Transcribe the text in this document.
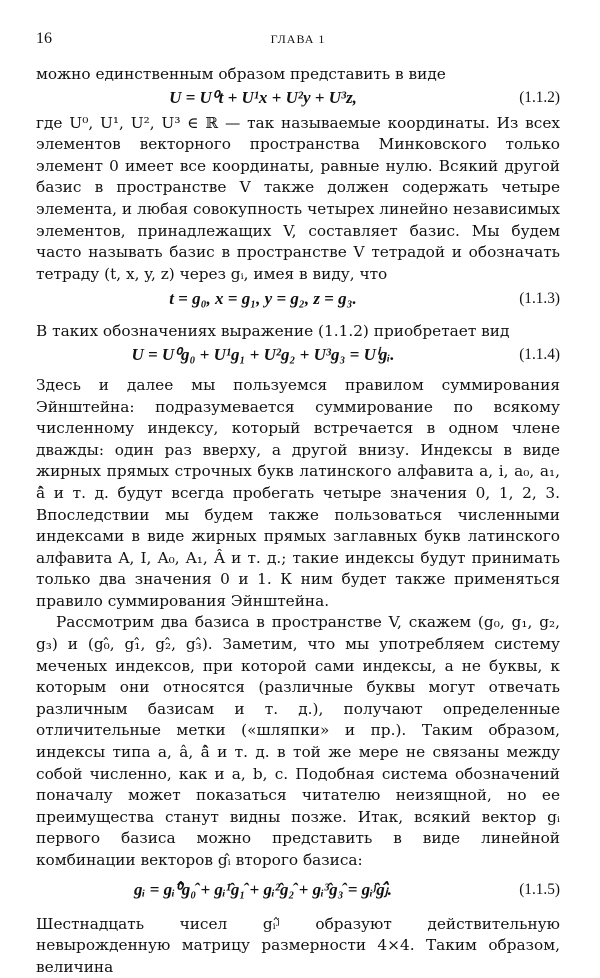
16	ГЛАВА 1

можно единственным образом представить в виде

U = U⁰t + U¹x + U²y + U³z,	(1.1.2)

где U⁰, U¹, U², U³ ∈ ℝ — так называемые координаты. Из всех элементов векторного пространства Минковского только элемент 0 имеет все координаты, равные нулю. Всякий другой базис в пространстве V также должен содержать четыре элемента, и любая совокупность четырех линейно независимых элементов, принадлежащих V, составляет базис. Мы будем часто называть базис в пространстве V тетрадой и обозначать тетраду (t, x, y, z) через gᵢ, имея в виду, что

t = g₀, x = g₁, y = g₂, z = g₃.	(1.1.3)

В таких обозначениях выражение (1.1.2) приобретает вид

U = U⁰g₀ + U¹g₁ + U²g₂ + U³g₃ = Uⁱgᵢ.	(1.1.4)

Здесь и далее мы пользуемся правилом суммирования Эйнштейна: подразумевается суммирование по всякому численному индексу, который встречается в одном члене дважды: один раз вверху, а другой внизу. Индексы в виде жирных прямых строчных букв латинского алфавита a, i, a₀, a₁, â̂ и т. д. будут всегда пробегать четыре значения 0, 1, 2, 3. Впоследствии мы будем также пользоваться численными индексами в виде жирных прямых заглавных букв латинского алфавита A, I, A₀, A₁, Â и т. д.; такие индексы будут принимать только два значения 0 и 1. К ним будет также применяться правило суммирования Эйнштейна.

Рассмотрим два базиса в пространстве V, скажем (g₀, g₁, g₂, g₃) и (g₀̂, g₁̂, g₂̂, g₃̂). Заметим, что мы употребляем систему меченых индексов, при которой сами индексы, а не буквы, к которым они относятся (различные буквы могут отвечать различным базисам и т. д.), получают определенные отличительные метки («шляпки» и пр.). Таким образом, индексы типа a, â, â̂ и т. д. в той же мере не связаны между собой численно, как и a, b, c. Подобная система обозначений поначалу может показаться читателю неизящной, но ее преимущества станут видны позже. Итак, всякий вектор gᵢ первого базиса можно представить в виде линейной комбинации векторов gᵢ̂ второго базиса:

gᵢ = gᵢ⁰̂g₀̂ + gᵢ¹̂g₁̂ + gᵢ²̂g₂̂ + gᵢ³̂g₃̂ = gᵢʲ̂gⱼ̂.	(1.1.5)

Шестнадцать чисел gᵢʲ̂ образуют действительную невырожденную матрицу размерности 4×4. Таким образом, величина
